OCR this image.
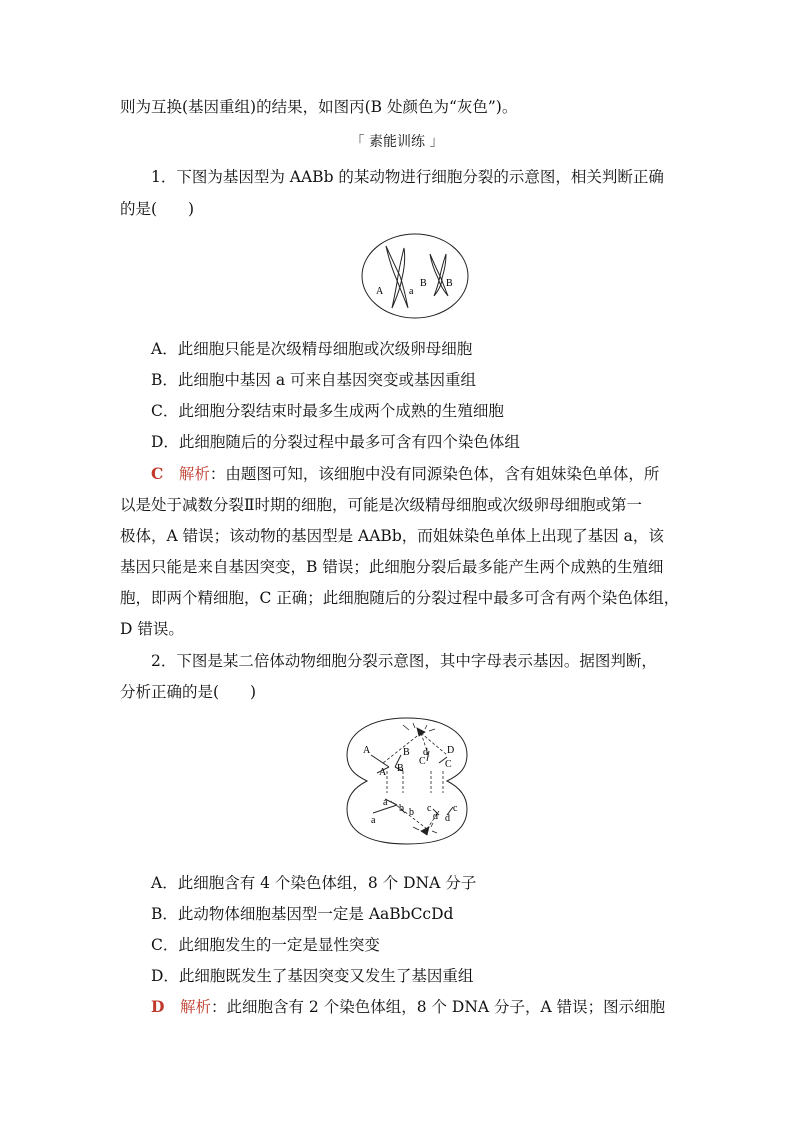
则为互换(基因重组)的结果，如图丙(B 处颜色为“灰色”)。
「 素能训练 」
1．下图为基因型为 AABb 的某动物进行细胞分裂的示意图，相关判断正确
的是(　　)
A	a
B B
A．此细胞只能是次级精母细胞或次级卵母细胞
B．此细胞中基因 a 可来自基因突变或基因重组
C．此细胞分裂结束时最多生成两个成熟的生殖细胞
D．此细胞随后的分裂过程中最多可含有四个染色体组
C　 解析：由题图可知，该细胞中没有同源染色体，含有姐妹染色单体，所
以是处于减数分裂Ⅱ时期的细胞，可能是次级精母细胞或次级卵母细胞或第一
极体，A 错误；该动物的基因型是 AABb，而姐妹染色单体上出现了基因 a，该
基因只能是来自基因突变，B 错误；此细胞分裂后最多能产生两个成熟的生殖细
胞，即两个精细胞，C 正确；此细胞随后的分裂过程中最多可含有两个染色体组，
D 错误。
2．下图是某二倍体动物细胞分裂示意图，其中字母表示基因。据图判断，
分析正确的是(　　)
A	B d D
A B
C C
a
b c
a
b d
c
d
A．此细胞含有 4 个染色体组，8 个 DNA 分子
B．此动物体细胞基因型一定是 AaBbCcDd
C．此细胞发生的一定是显性突变
D．此细胞既发生了基因突变又发生了基因重组
D　 解析：此细胞含有 2 个染色体组，8 个 DNA 分子，A 错误；图示细胞
